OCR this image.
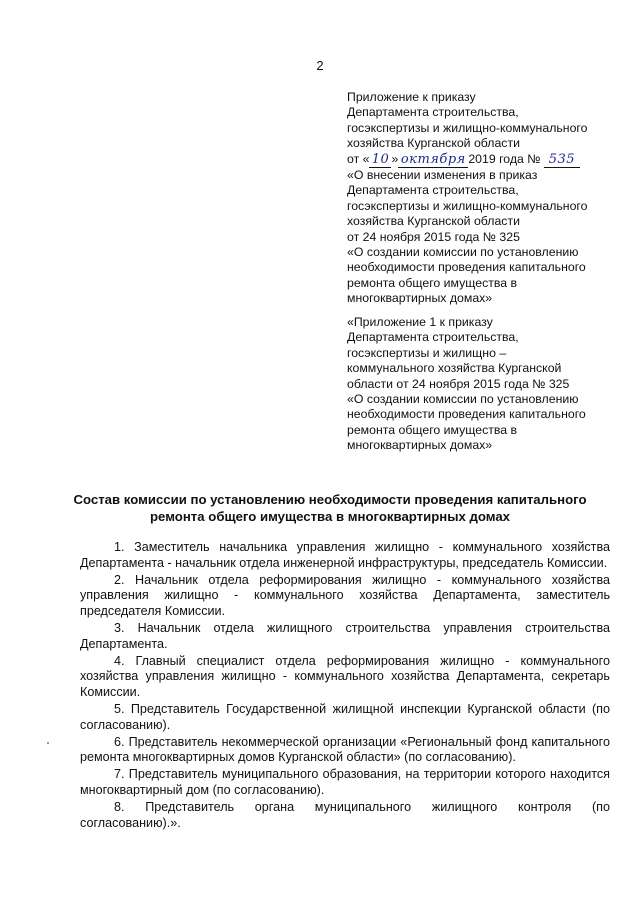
2
Приложение к приказу
Департамента строительства,
госэкспертизы и жилищно-коммунального
хозяйства Курганской области
от « 10 » октября 2019 года № 535
«О внесении изменения в приказ
Департамента строительства,
госэкспертизы и жилищно-коммунального
хозяйства Курганской области
от 24 ноября 2015 года № 325
«О создании комиссии по установлению
необходимости проведения капитального
ремонта общего имущества в
многоквартирных домах»
«Приложение 1 к приказу
Департамента строительства,
госэкспертизы и жилищно –
коммунального хозяйства Курганской
области от 24 ноября 2015 года № 325
«О создании комиссии по установлению
необходимости проведения капитального
ремонта общего имущества в
многоквартирных домах»
Состав комиссии по установлению необходимости проведения капитального
ремонта общего имущества в многоквартирных домах

1. Заместитель начальника управления жилищно - коммунального хозяйства Департамента - начальник отдела инженерной инфраструктуры, председатель Комиссии.

2. Начальник отдела реформирования жилищно - коммунального хозяйства управления жилищно - коммунального хозяйства Департамента, заместитель председателя Комиссии.

3. Начальник отдела жилищного строительства управления строительства Департамента.

4. Главный специалист отдела реформирования жилищно - коммунального хозяйства управления жилищно - коммунального хозяйства Департамента, секретарь Комиссии.

5. Представитель Государственной жилищной инспекции Курганской области (по согласованию).

6. Представитель некоммерческой организации «Региональный фонд капитального ремонта многоквартирных домов Курганской области» (по согласованию).

7. Представитель муниципального образования, на территории которого находится многоквартирный дом (по согласованию).

8. Представитель органа муниципального жилищного контроля (по согласованию).».
